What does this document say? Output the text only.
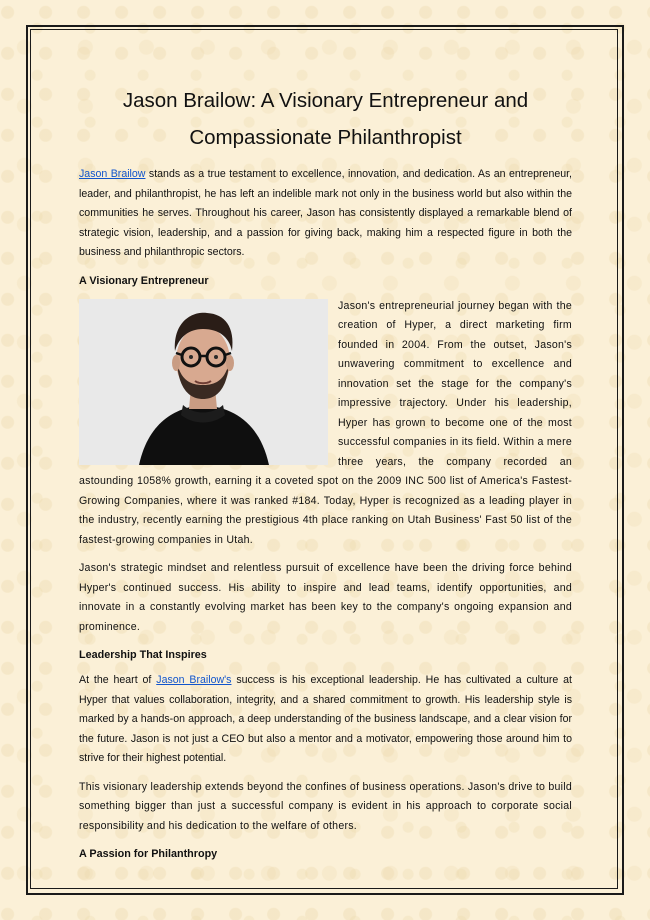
Jason Brailow: A Visionary Entrepreneur and
Compassionate Philanthropist

Jason Brailow stands as a true testament to excellence, innovation, and dedication. As an entrepreneur, leader, and philanthropist, he has left an indelible mark not only in the business world but also within the communities he serves. Throughout his career, Jason has consistently displayed a remarkable blend of strategic vision, leadership, and a passion for giving back, making him a respected figure in both the business and philanthropic sectors.

A Visionary Entrepreneur

Jason's entrepreneurial journey began with the creation of Hyper, a direct marketing firm founded in 2004. From the outset, Jason's unwavering commitment to excellence and innovation set the stage for the company's impressive trajectory. Under his leadership, Hyper has grown to become one of the most successful companies in its field. Within a mere three years, the company recorded an astounding 1058% growth, earning it a coveted spot on the 2009 INC 500 list of America's Fastest-Growing Companies, where it was ranked #184. Today, Hyper is recognized as a leading player in the industry, recently earning the prestigious 4th place ranking on Utah Business' Fast 50 list of the fastest-growing companies in Utah.

Jason's strategic mindset and relentless pursuit of excellence have been the driving force behind Hyper's continued success. His ability to inspire and lead teams, identify opportunities, and innovate in a constantly evolving market has been key to the company's ongoing expansion and prominence.

Leadership That Inspires

At the heart of Jason Brailow's success is his exceptional leadership. He has cultivated a culture at Hyper that values collaboration, integrity, and a shared commitment to growth. His leadership style is marked by a hands-on approach, a deep understanding of the business landscape, and a clear vision for the future. Jason is not just a CEO but also a mentor and a motivator, empowering those around him to strive for their highest potential.

This visionary leadership extends beyond the confines of business operations. Jason's drive to build something bigger than just a successful company is evident in his approach to corporate social responsibility and his dedication to the welfare of others.

A Passion for Philanthropy
